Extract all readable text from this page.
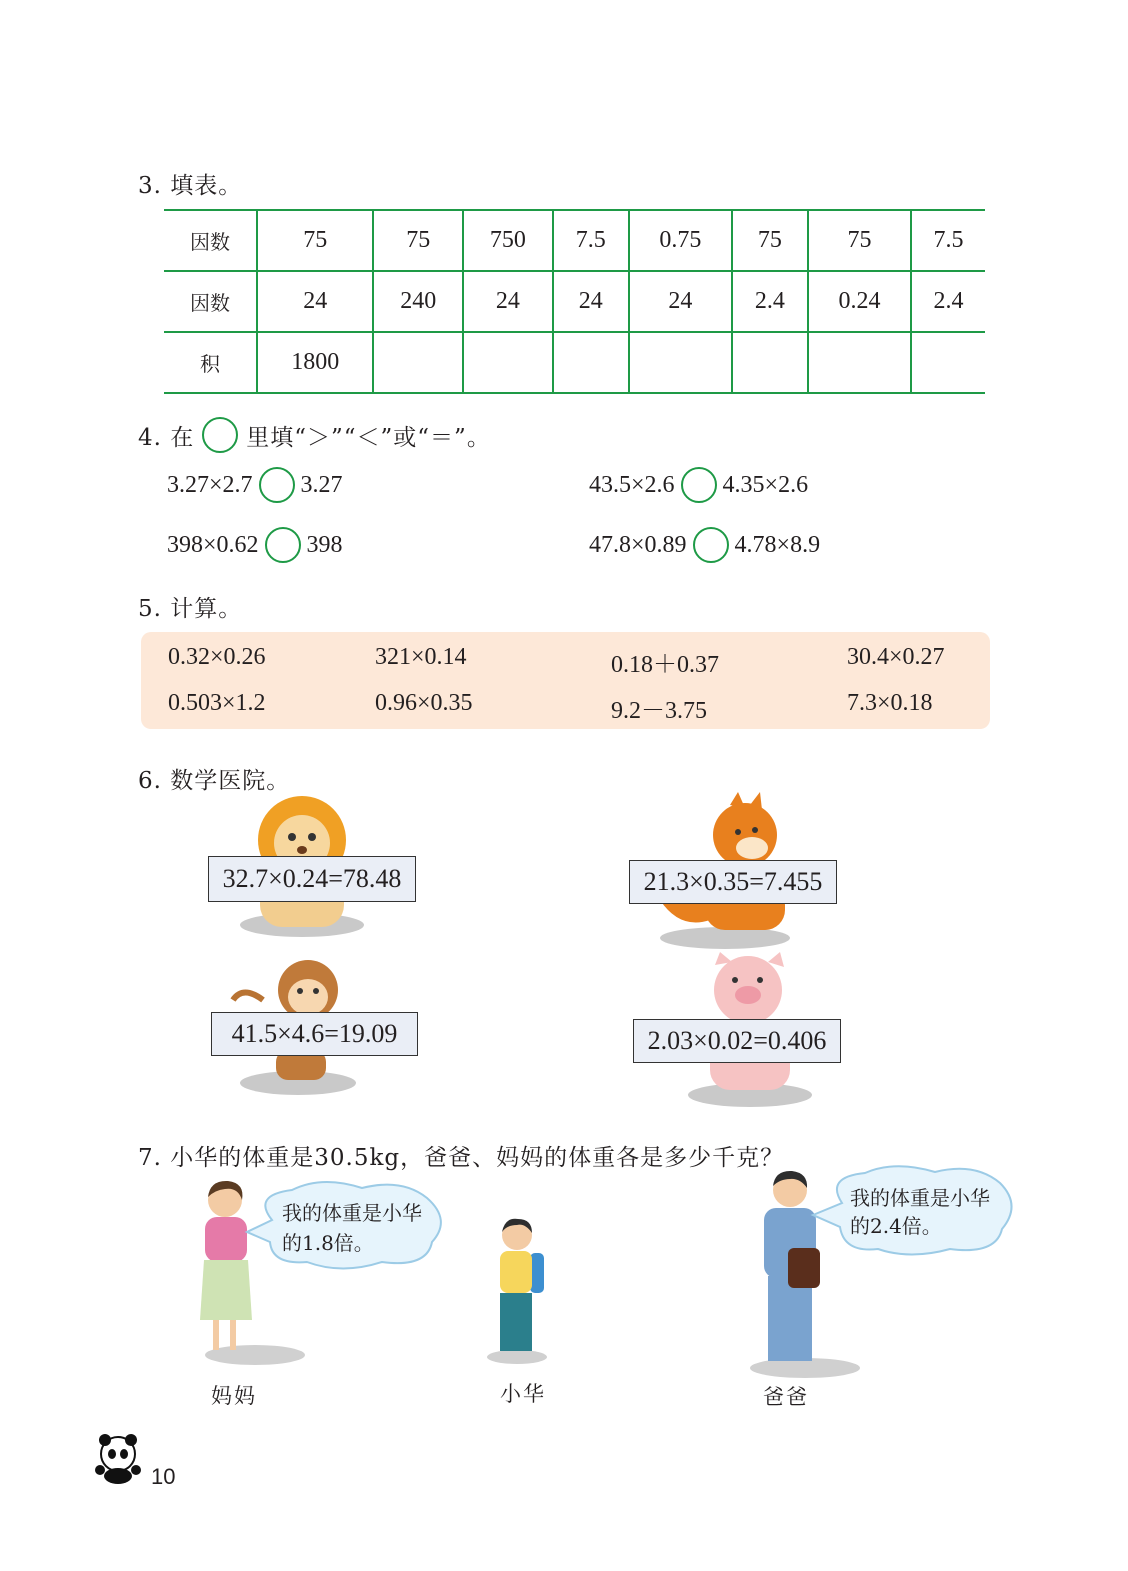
3. 填表。
因数	75	75	750	7.5	0.75	75	75	7.5
因数	24	240	24	24	24	2.4	0.24	2.4
积	1800							
4. 在 里填“＞”“＜”或“＝”。
3.27×2.7 3.27	43.5×2.6 4.35×2.6
398×0.62 398	47.8×0.89 4.78×8.9
5. 计算。
0.32×0.26	321×0.14	0.18＋0.37	30.4×0.27
0.503×1.2	0.96×0.35	9.2－3.75	7.3×0.18
6. 数学医院。
32.7×0.24=78.48	21.3×0.35=7.455
41.5×4.6=19.09	2.03×0.02=0.406
7. 小华的体重是30.5kg，爸爸、妈妈的体重各是多少千克？
我的体重是小华
的1.8倍。
妈妈	小华
我的体重是小华
的2.4倍。
爸爸
10
